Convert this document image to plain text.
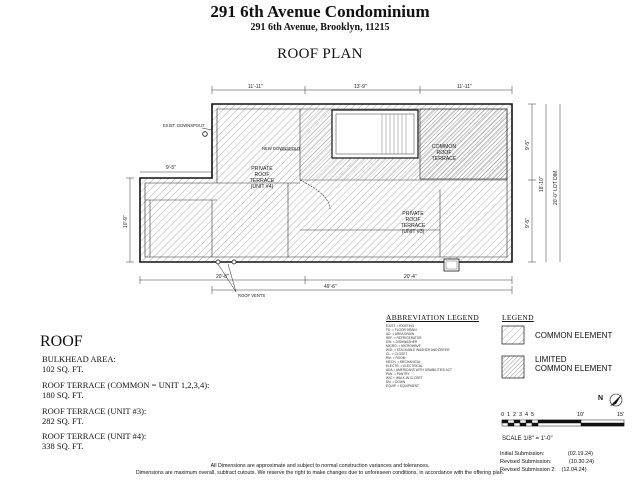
291 6th Avenue Condominium
291 6th Avenue, Brooklyn, 11215
ROOF PLAN
11'-11"	13'-9"	11'-11"
9'-5"
10'-9"
9'-5"
18'-10"
9'-5"
20'-0" LOT DIM.
20'-8"	20'-4"
49'-6"
EXIST. DOWNSPOUT
NEW DOWNSPOUT
PRIVATE
ROOF
TERRACE
(UNIT #4)
COMMON
ROOF
TERRACE
PRIVATE
ROOF
TERRACE
(UNIT #3)
ROOF VENTS
0 1 2 3 4 5	10'	15'
SCALE 1/8" = 1'-0"
N
ROOF
BULKHEAD AREA:
102 SQ. FT.
ROOF TERRACE (COMMON = UNIT 1,2,3,4):
180 SQ. FT.
ROOF TERRACE (UNIT #3):
282 SQ. FT.
ROOF TERRACE (UNIT #4):
338 SQ. FT.
ABBREVIATION LEGEND
EXIST. = EXISTING
FD. = FLOOR DRAIN
AD. = AREA DRAIN
REF. = REFRIGERATOR
DW. = DISHWASHER
MICRO. = MICROWAVE
W/D. = STACKABLE WASHER AND DRYER
CL. = CLOSET
RM. = ROOM
MECH. = MECHANICAL
ELECTR. = ELECTRICAL
ADA = AMERICANS WITH DISABILITIES ACT
PAN. = PANTRY
WIC = WALK-IN CLOSET
DN. = DOWN
EQUIP. = EQUIPMENT
LEGEND
COMMON ELEMENT
LIMITED
COMMON ELEMENT
Initial Submission:	(02.19.24)
Revised Submission:	(10.30.24)
Revised Submission 2: (12.04.24)
All Dimensions are approximate and subject to normal construction variances and tolerances.
Dimensions are maximum overall, subtract cutouts. We reserve the right to make changes due to unforeseen conditions, in accordance with the offering plan.
